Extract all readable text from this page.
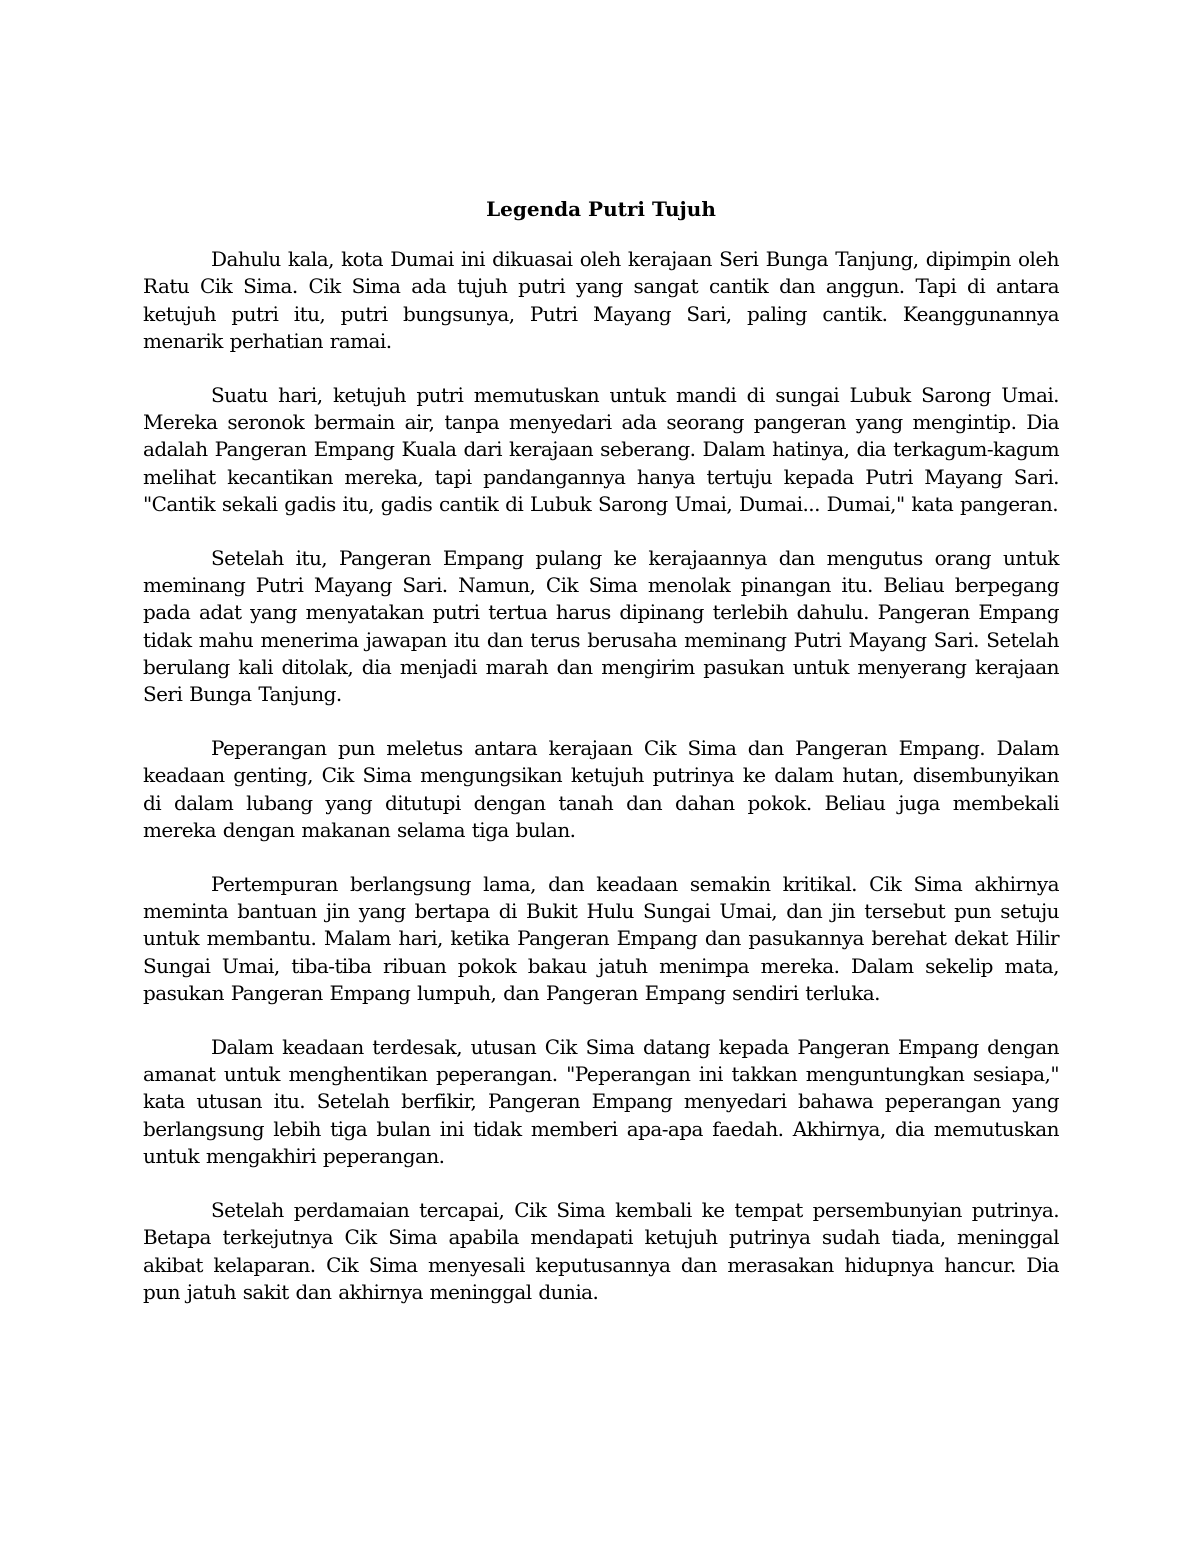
Legenda Putri Tujuh

Dahulu kala, kota Dumai ini dikuasai oleh kerajaan Seri Bunga Tanjung, dipimpin oleh Ratu Cik Sima. Cik Sima ada tujuh putri yang sangat cantik dan anggun. Tapi di antara ketujuh putri itu, putri bungsunya, Putri Mayang Sari, paling cantik. Keanggunannya menarik perhatian ramai.

Suatu hari, ketujuh putri memutuskan untuk mandi di sungai Lubuk Sarong Umai. Mereka seronok bermain air, tanpa menyedari ada seorang pangeran yang mengintip. Dia adalah Pangeran Empang Kuala dari kerajaan seberang. Dalam hatinya, dia terkagum-kagum melihat kecantikan mereka, tapi pandangannya hanya tertuju kepada Putri Mayang Sari. "Cantik sekali gadis itu, gadis cantik di Lubuk Sarong Umai, Dumai... Dumai," kata pangeran.

Setelah itu, Pangeran Empang pulang ke kerajaannya dan mengutus orang untuk meminang Putri Mayang Sari. Namun, Cik Sima menolak pinangan itu. Beliau berpegang pada adat yang menyatakan putri tertua harus dipinang terlebih dahulu. Pangeran Empang tidak mahu menerima jawapan itu dan terus berusaha meminang Putri Mayang Sari. Setelah berulang kali ditolak, dia menjadi marah dan mengirim pasukan untuk menyerang kerajaan Seri Bunga Tanjung.

Peperangan pun meletus antara kerajaan Cik Sima dan Pangeran Empang. Dalam keadaan genting, Cik Sima mengungsikan ketujuh putrinya ke dalam hutan, disembunyikan di dalam lubang yang ditutupi dengan tanah dan dahan pokok. Beliau juga membekali mereka dengan makanan selama tiga bulan.

Pertempuran berlangsung lama, dan keadaan semakin kritikal. Cik Sima akhirnya meminta bantuan jin yang bertapa di Bukit Hulu Sungai Umai, dan jin tersebut pun setuju untuk membantu. Malam hari, ketika Pangeran Empang dan pasukannya berehat dekat Hilir Sungai Umai, tiba-tiba ribuan pokok bakau jatuh menimpa mereka. Dalam sekelip mata, pasukan Pangeran Empang lumpuh, dan Pangeran Empang sendiri terluka.

Dalam keadaan terdesak, utusan Cik Sima datang kepada Pangeran Empang dengan amanat untuk menghentikan peperangan. "Peperangan ini takkan menguntungkan sesiapa," kata utusan itu. Setelah berfikir, Pangeran Empang menyedari bahawa peperangan yang berlangsung lebih tiga bulan ini tidak memberi apa-apa faedah. Akhirnya, dia memutuskan untuk mengakhiri peperangan.

Setelah perdamaian tercapai, Cik Sima kembali ke tempat persembunyian putrinya. Betapa terkejutnya Cik Sima apabila mendapati ketujuh putrinya sudah tiada, meninggal akibat kelaparan. Cik Sima menyesali keputusannya dan merasakan hidupnya hancur. Dia pun jatuh sakit dan akhirnya meninggal dunia.
